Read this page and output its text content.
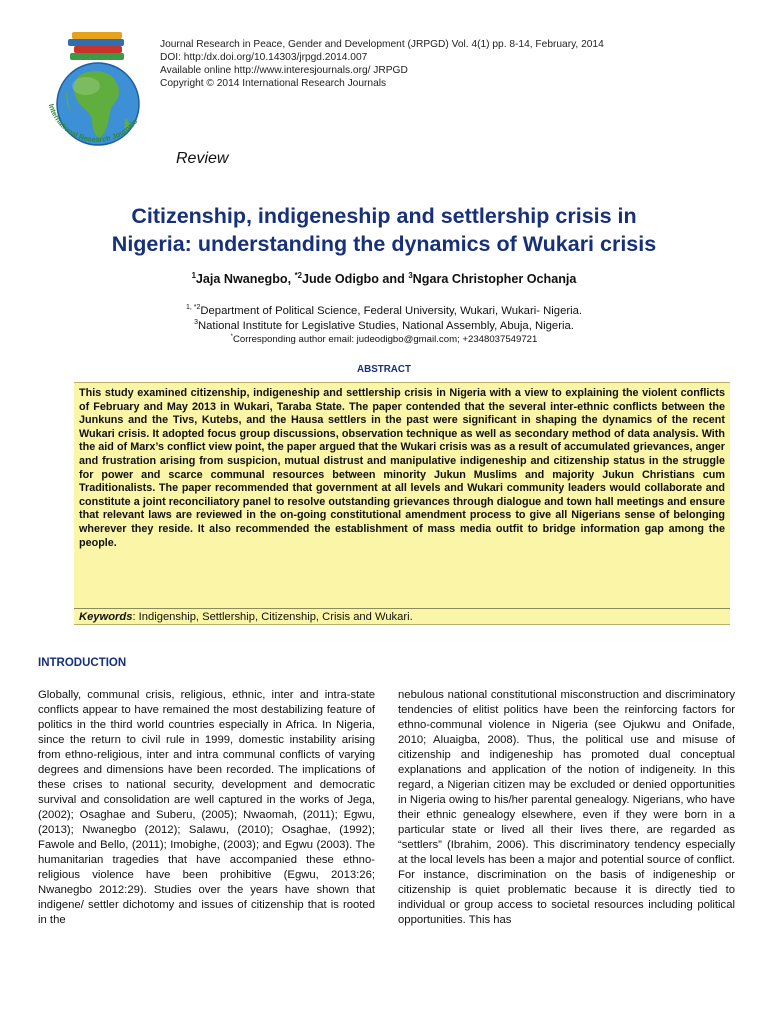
International Research Journals
Journal Research in Peace, Gender and Development (JRPGD) Vol. 4(1) pp. 8-14, February, 2014
DOI: http:/dx.doi.org/10.14303/jrpgd.2014.007
Available online http://www.interesjournals.org/ JRPGD
Copyright © 2014 International Research Journals
Review
Citizenship, indigeneship and settlership crisis in
Nigeria: understanding the dynamics of Wukari crisis
$^1$Jaja Nwanegbo, $^{*2}$Jude Odigbo and $^3$Ngara Christopher Ochanja
$^{1, *2}$Department of Political Science, Federal University, Wukari, Wukari- Nigeria.
$^3$National Institute for Legislative Studies, National Assembly, Abuja, Nigeria.
*Corresponding author email: judeodigbo@gmail.com; +2348037549721
ABSTRACT

This study examined citizenship, indigeneship and settlership crisis in Nigeria with a view to explaining the violent conflicts of February and May 2013 in Wukari, Taraba State. The paper contended that the several inter-ethnic conflicts between the Junkuns and the Tivs, Kutebs, and the Hausa settlers in the past were significant in shaping the dynamics of the recent Wukari crisis. It adopted focus group discussions, observation technique as well as secondary method of data analysis. With the aid of Marx’s conflict view point, the paper argued that the Wukari crisis was as a result of accumulated grievances, anger and frustration arising from suspicion, mutual distrust and manipulative indigeneship and citizenship status in the struggle for power and scarce communal resources between minority Jukun Muslims and majority Jukun Christians cum Traditionalists. The paper recommended that government at all levels and Wukari community leaders would collaborate and constitute a joint reconciliatory panel to resolve outstanding grievances through dialogue and town hall meetings and ensure that relevant laws are reviewed in the on-going constitutional amendment process to give all Nigerians sense of belonging wherever they reside. It also recommended the establishment of mass media outfit to bridge information gap among the people.

Keywords: Indigenship, Settlership, Citizenship, Crisis and Wukari.
INTRODUCTION

Globally, communal crisis, religious, ethnic, inter and intra-state conflicts appear to have remained the most destabilizing feature of politics in the third world countries especially in Africa. In Nigeria, since the return to civil rule in 1999, domestic instability arising from ethno-religious, inter and intra communal conflicts of varying degrees and dimensions have been recorded. The implications of these crises to national security, development and democratic survival and consolidation are well captured in the works of Jega, (2002); Osaghae and Suberu, (2005); Nwaomah, (2011); Egwu, (2013); Nwanegbo (2012); Salawu, (2010); Osaghae, (1992); Fawole and Bello, (2011); Imobighe, (2003); and Egwu (2003). The humanitarian tragedies that have accompanied these ethno-religious violence have been prohibitive (Egwu, 2013:26; Nwanegbo 2012:29). Studies over the years have shown that indigene/ settler dichotomy and issues of citizenship that is rooted in the

nebulous national constitutional misconstruction and discriminatory tendencies of elitist politics have been the reinforcing factors for ethno-communal violence in Nigeria (see Ojukwu and Onifade, 2010; Aluaigba, 2008). Thus, the political use and misuse of citizenship and indigeneship has promoted dual conceptual explanations and application of the notion of indigeneity. In this regard, a Nigerian citizen may be excluded or denied opportunities in Nigeria owing to his/her parental genealogy. Nigerians, who have their ethnic genealogy elsewhere, even if they were born in a particular state or lived all their lives there, are regarded as “settlers” (Ibrahim, 2006). This discriminatory tendency especially at the local levels has been a major and potential source of conflict. For instance, discrimination on the basis of indigeneship or citizenship is quiet problematic because it is directly tied to individual or group access to societal resources including political opportunities. This has
